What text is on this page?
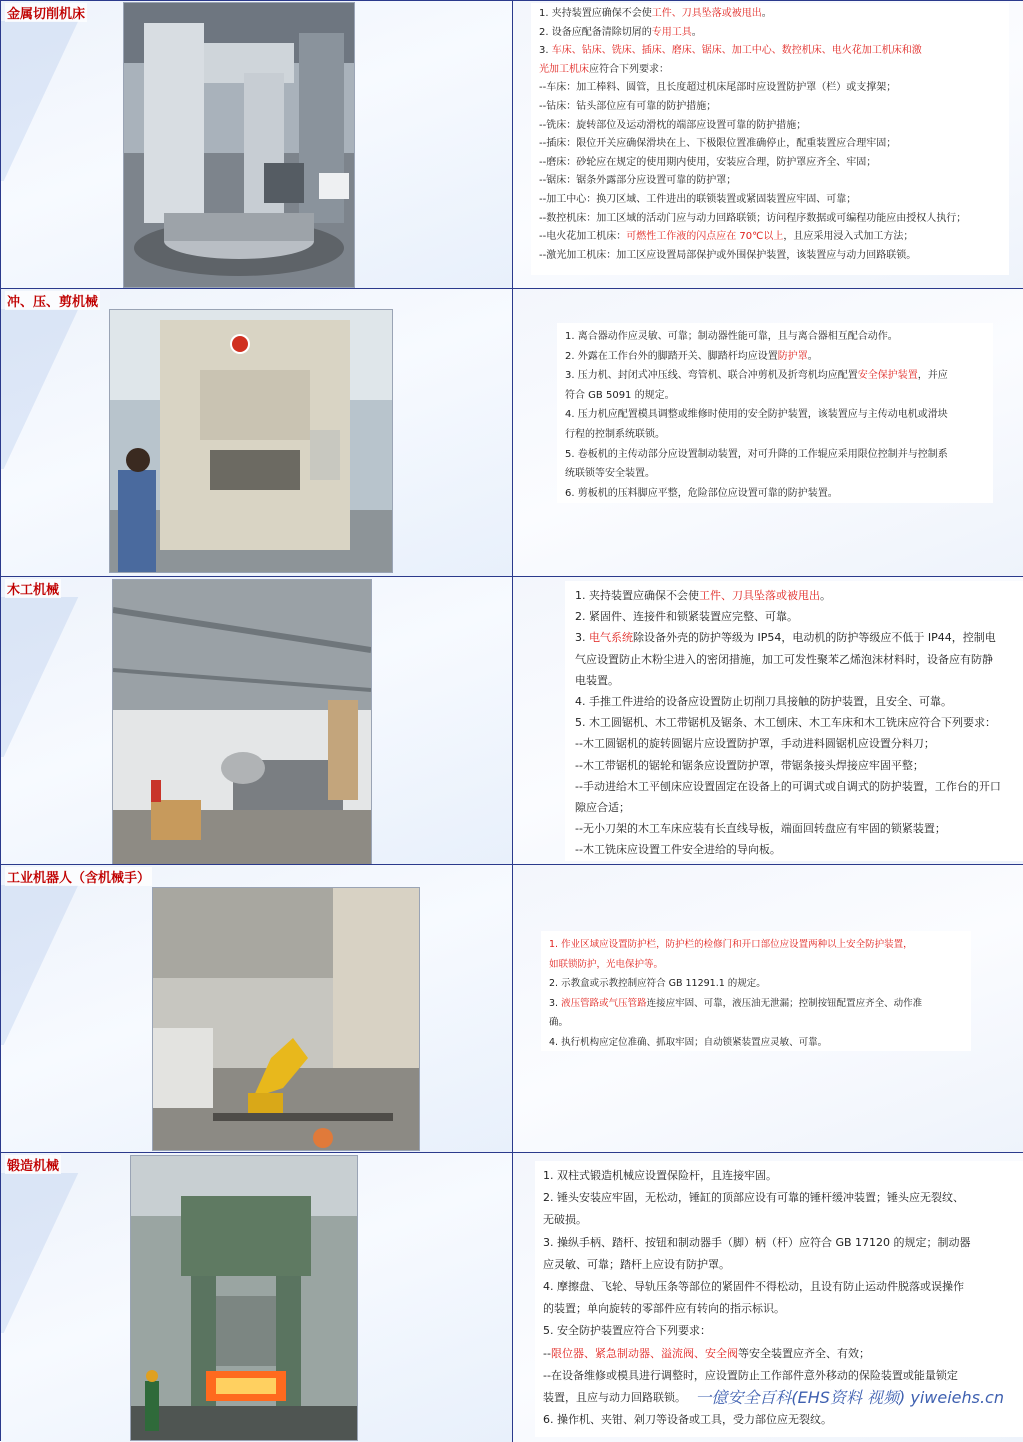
金属切削机床	1. 夹持装置应确保不会使工件、刀具坠落或被甩出。

2. 设备应配备清除切屑的专用工具。

3. 车床、钻床、铣床、插床、磨床、锯床、加工中心、数控机床、电火花加工机床和激

光加工机床应符合下列要求：

--车床：加工棒料、圆管，且长度超过机床尾部时应设置防护罩（栏）或支撑架；

--钻床：钻头部位应有可靠的防护措施；

--铣床：旋转部位及运动滑枕的端部应设置可靠的防护措施；

--插床：限位开关应确保滑块在上、下极限位置准确停止，配重装置应合理牢固；

--磨床：砂轮应在规定的使用期内使用，安装应合理，防护罩应齐全、牢固；

--锯床：锯条外露部分应设置可靠的防护罩；

--加工中心：换刀区域、工件进出的联锁装置或紧固装置应牢固、可靠；

--数控机床：加工区域的活动门应与动力回路联锁；访问程序数据或可编程功能应由授权人执行；

--电火花加工机床：可燃性工作液的闪点应在 70℃以上，且应采用浸入式加工方法；

--激光加工机床：加工区应设置局部保护或外围保护装置，该装置应与动力回路联锁。

冲、压、剪机械

1. 离合器动作应灵敏、可靠；制动器性能可靠，且与离合器相互配合动作。

2. 外露在工作台外的脚踏开关、脚踏杆均应设置防护罩。

3. 压力机、封闭式冲压线、弯管机、联合冲剪机及折弯机均应配置安全保护装置，并应

符合 GB 5091 的规定。

4. 压力机应配置模具调整或维修时使用的安全防护装置，该装置应与主传动电机或滑块

行程的控制系统联锁。

5. 卷板机的主传动部分应设置制动装置，对可升降的工作辊应采用限位控制并与控制系

统联锁等安全装置。

6. 剪板机的压料脚应平整，危险部位应设置可靠的防护装置。

木工机械	1. 夹持装置应确保不会使工件、刀具坠落或被甩出。

2. 紧固件、连接件和锁紧装置应完整、可靠。

3. 电气系统除设备外壳的防护等级为 IP54，电动机的防护等级应不低于 IP44，控制电

气应设置防止木粉尘进入的密闭措施，加工可发性聚苯乙烯泡沫材料时，设备应有防静

电装置。

4. 手推工件进给的设备应设置防止切削刀具接触的防护装置，且安全、可靠。

5. 木工圆锯机、木工带锯机及锯条、木工刨床、木工车床和木工铣床应符合下列要求：

--木工圆锯机的旋转圆锯片应设置防护罩，手动进料圆锯机应设置分料刀；

--木工带锯机的锯轮和锯条应设置防护罩，带锯条接头焊接应牢固平整；

--手动进给木工平刨床应设置固定在设备上的可调式或自调式的防护装置，工作台的开口

隙应合适；

--无小刀架的木工车床应装有长直线导板，端面回转盘应有牢固的锁紧装置；

--木工铣床应设置工件安全进给的导向板。

工业机器人（含机械手）

1. 作业区域应设置防护栏，防护栏的检修门和开口部位应设置两种以上安全防护装置，

如联锁防护，光电保护等。

2. 示教盒或示教控制应符合 GB 11291.1 的规定。

3. 液压管路或气压管路连接应牢固、可靠，液压油无泄漏；控制按钮配置应齐全、动作准

确。

4. 执行机构应定位准确、抓取牢固；自动锁紧装置应灵敏、可靠。

锻造机械

1. 双柱式锻造机械应设置保险杆，且连接牢固。

2. 锤头安装应牢固，无松动，锤缸的顶部应设有可靠的锤杆缓冲装置；锤头应无裂纹、

无破损。

3. 操纵手柄、踏杆、按钮和制动器手（脚）柄（杆）应符合 GB 17120 的规定；制动器

应灵敏、可靠；踏杆上应设有防护罩。

4. 摩擦盘、飞轮、导轨压条等部位的紧固件不得松动，且设有防止运动件脱落或误操作

的装置；单向旋转的零部件应有转向的指示标识。

5. 安全防护装置应符合下列要求：

--限位器、紧急制动器、溢流阀、安全阀等安全装置应齐全、有效；

--在设备维修或模具进行调整时，应设置防止工作部件意外移动的保险装置或能量锁定

装置，且应与动力回路联锁。

6. 操作机、夹钳、剁刀等设备或工具，受力部位应无裂纹。

一億安全百科(EHS资料 视频) yiweiehs.cn
